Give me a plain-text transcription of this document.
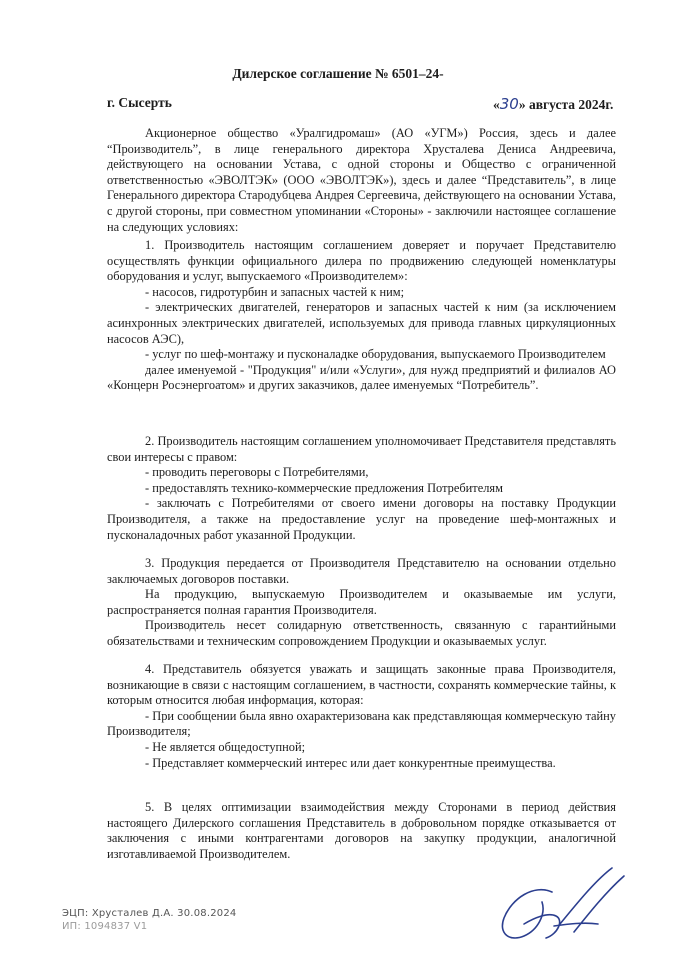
Дилерское соглашение № 6501–24-
г. Сысерть	«30» августа 2024г.

Акционерное общество «Уралгидромаш» (АО «УГМ») Россия, здесь и далее “Производитель”, в лице генерального директора Хрусталева Дениса Андреевича, действующего на основании Устава, с одной стороны и Общество с ограниченной ответственностью «ЭВОЛТЭК» (ООО «ЭВОЛТЭК»), здесь и далее “Представитель”, в лице Генерального директора Стародубцева Андрея Сергеевича, действующего на основании Устава, с другой стороны, при совместном упоминании «Стороны» - заключили настоящее соглашение на следующих условиях:

1. Производитель настоящим соглашением доверяет и поручает Представителю осуществлять функции официального дилера по продвижению следующей номенклатуры оборудования и услуг, выпускаемого «Производителем»:

- насосов, гидротурбин и запасных частей к ним;

- электрических двигателей, генераторов и запасных частей к ним (за исключением асинхронных электрических двигателей, используемых для привода главных циркуляционных насосов АЭС),

- услуг по шеф-монтажу и пусконаладке оборудования, выпускаемого Производителем

далее именуемой - "Продукция" и/или «Услуги», для нужд предприятий и филиалов АО «Концерн Росэнергоатом» и других заказчиков, далее именуемых “Потребитель”.

2. Производитель настоящим соглашением уполномочивает Представителя представлять свои интересы с правом:

- проводить переговоры с Потребителями,

- предоставлять технико-коммерческие предложения Потребителям

- заключать с Потребителями от своего имени договоры на поставку Продукции Производителя, а также на предоставление услуг на проведение шеф-монтажных и пусконаладочных работ указанной Продукции.

3. Продукция передается от Производителя Представителю на основании отдельно заключаемых договоров поставки.

На продукцию, выпускаемую Производителем и оказываемые им услуги, распространяется полная гарантия Производителя.

Производитель несет солидарную ответственность, связанную с гарантийными обязательствами и техническим сопровождением Продукции и оказываемых услуг.

4. Представитель обязуется уважать и защищать законные права Производителя, возникающие в связи с настоящим соглашением, в частности, сохранять коммерческие тайны, к которым относится любая информация, которая:

- При сообщении была явно охарактеризована как представляющая коммерческую тайну Производителя;

- Не является общедоступной;

- Представляет коммерческий интерес или дает конкурентные преимущества.

5. В целях оптимизации взаимодействия между Сторонами в период действия настоящего Дилерского соглашения Представитель в добровольном порядке отказывается от заключения с иными контрагентами договоров на закупку продукции, аналогичной изготавливаемой Производителем.

ЭЦП: Хрусталев Д.А. 30.08.2024
ИП: 1094837 V1
